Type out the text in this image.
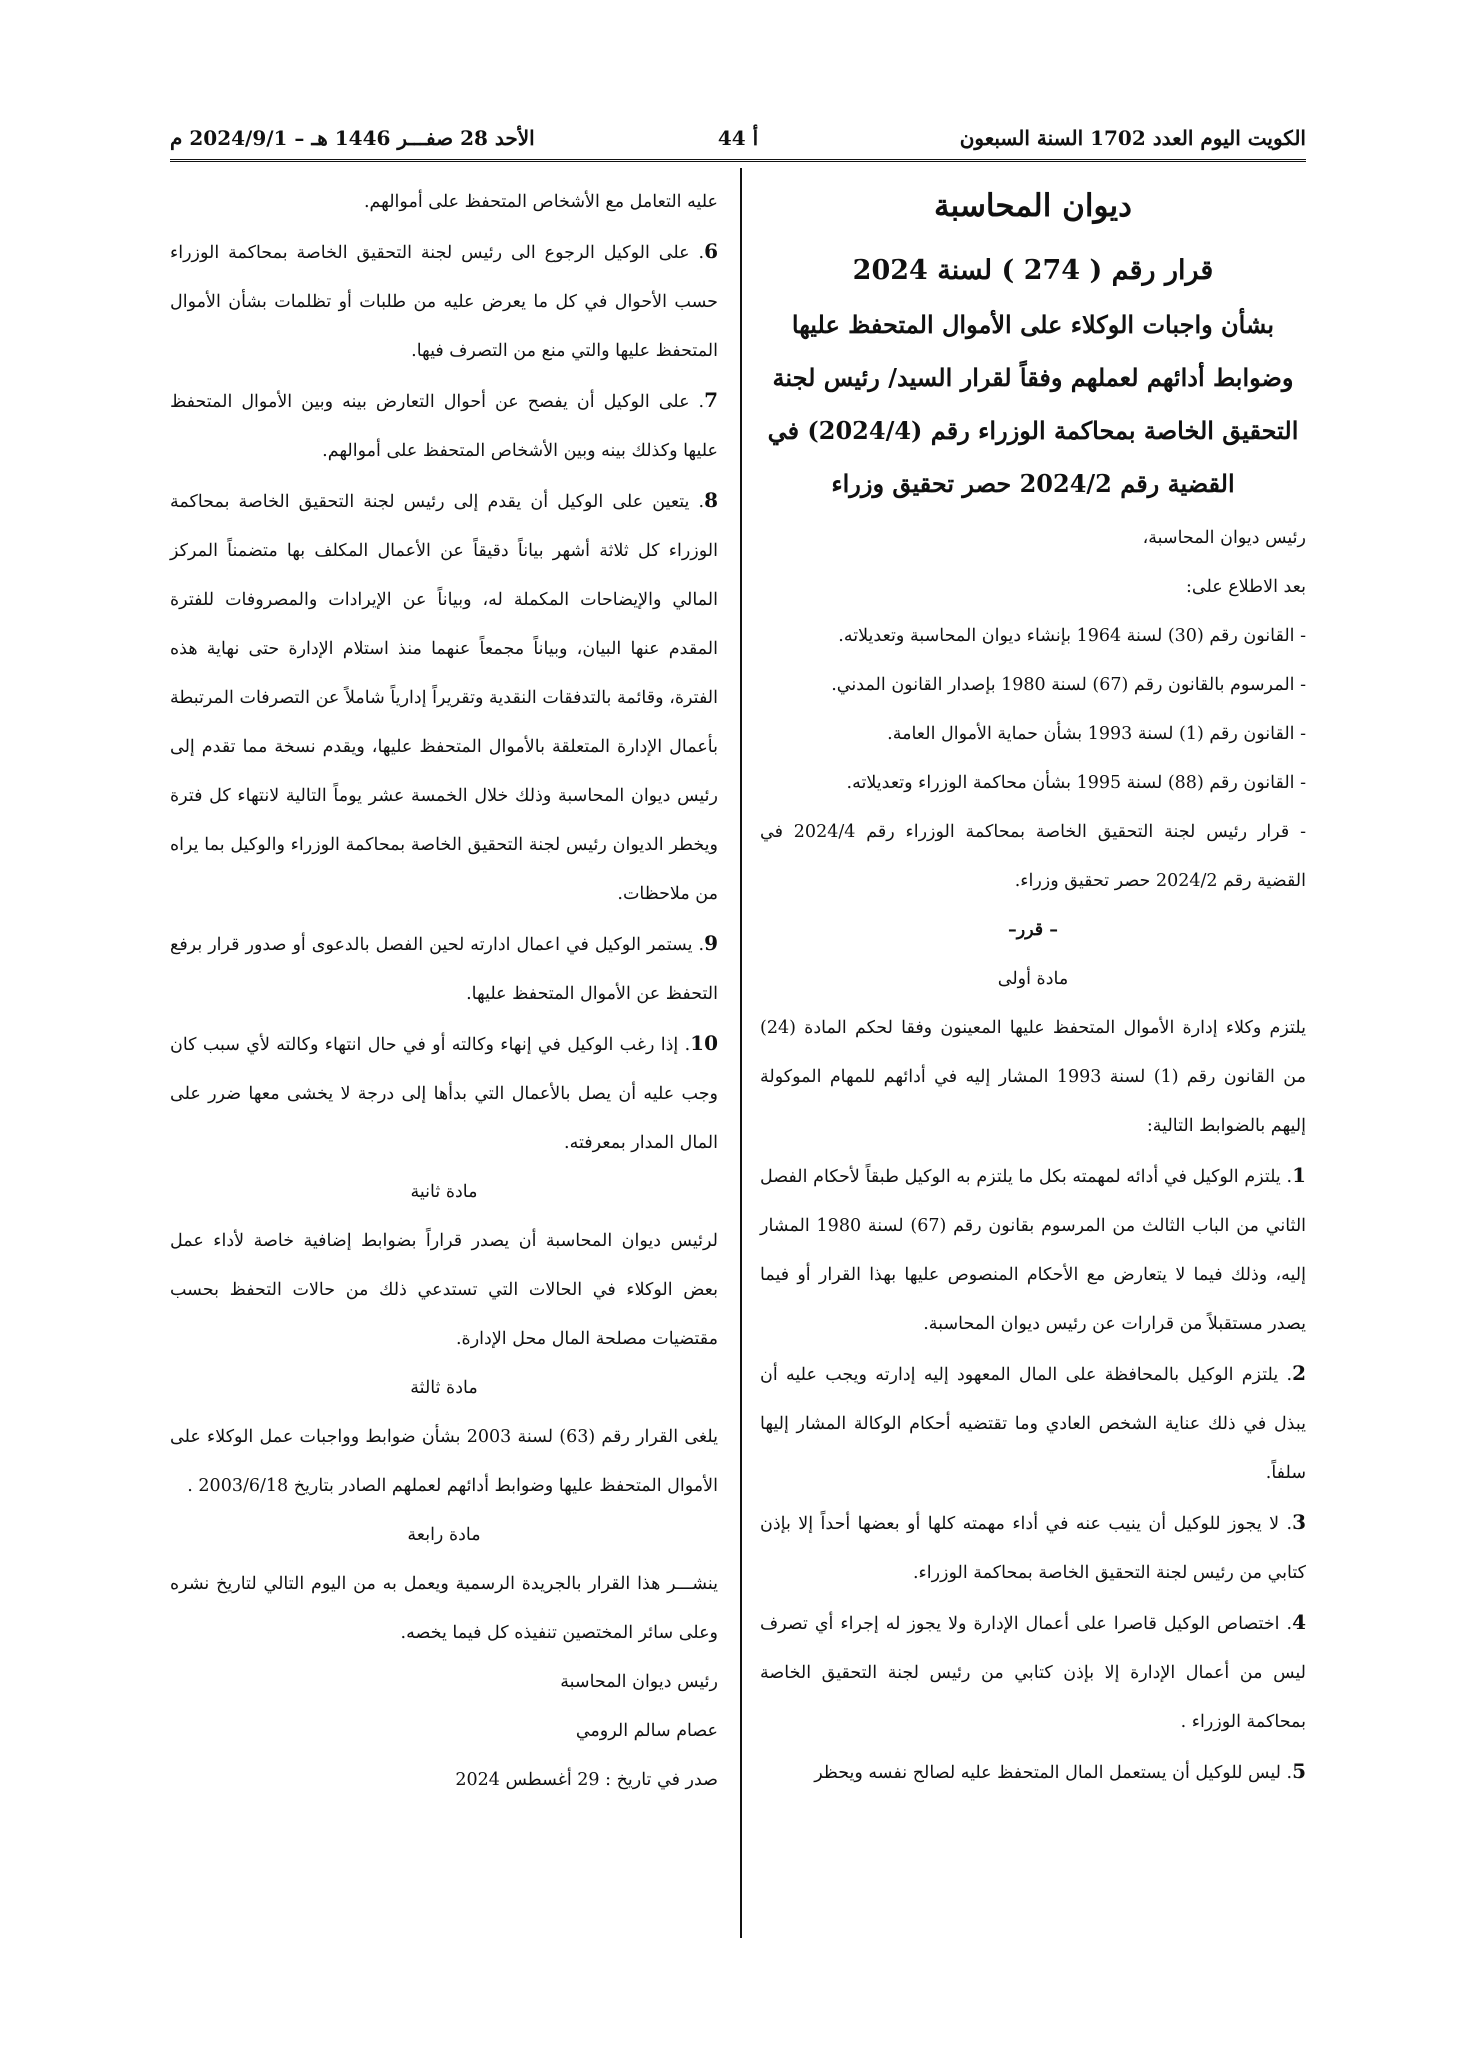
الكويت اليوم العدد 1702 السنة السبعون
أ 44
الأحد 28 صفـــر 1446 هـ – 2024/9/1 م
ديوان المحاسبة
قرار رقم ( 274 ) لسنة 2024
بشأن واجبات الوكلاء على الأموال المتحفظ عليها
وضوابط أدائهم لعملهم وفقاً لقرار السيد/ رئيس لجنة
التحقيق الخاصة بمحاكمة الوزراء رقم (2024/4) في
القضية رقم 2024/2 حصر تحقيق وزراء

رئيس ديوان المحاسبة،

بعد الاطلاع على:

- القانون رقم (30) لسنة 1964 بإنشاء ديوان المحاسبة وتعديلاته.

- المرسوم بالقانون رقم (67) لسنة 1980 بإصدار القانون المدني.

- القانون رقم (1) لسنة 1993 بشأن حماية الأموال العامة.

- القانون رقم (88) لسنة 1995 بشأن محاكمة الوزراء وتعديلاته.

- قرار رئيس لجنة التحقيق الخاصة بمحاكمة الوزراء رقم 2024/4 في القضية رقم 2024/2 حصر تحقيق وزراء.

– قرر–

مادة أولى

يلتزم وكلاء إدارة الأموال المتحفظ عليها المعينون وفقا لحكم المادة (24) من القانون رقم (1) لسنة 1993 المشار إليه في أدائهم للمهام الموكولة إليهم بالضوابط التالية:

1. يلتزم الوكيل في أدائه لمهمته بكل ما يلتزم به الوكيل طبقاً لأحكام الفصل الثاني من الباب الثالث من المرسوم بقانون رقم (67) لسنة 1980 المشار إليه، وذلك فيما لا يتعارض مع الأحكام المنصوص عليها بهذا القرار أو فيما يصدر مستقبلاً من قرارات عن رئيس ديوان المحاسبة.

2. يلتزم الوكيل بالمحافظة على المال المعهود إليه إدارته ويجب عليه أن يبذل في ذلك عناية الشخص العادي وما تقتضيه أحكام الوكالة المشار إليها سلفاً.

3. لا يجوز للوكيل أن ينيب عنه في أداء مهمته كلها أو بعضها أحداً إلا بإذن كتابي من رئيس لجنة التحقيق الخاصة بمحاكمة الوزراء.

4. اختصاص الوكيل قاصرا على أعمال الإدارة ولا يجوز له إجراء أي تصرف ليس من أعمال الإدارة إلا بإذن كتابي من رئيس لجنة التحقيق الخاصة بمحاكمة الوزراء .

5. ليس للوكيل أن يستعمل المال المتحفظ عليه لصالح نفسه ويحظر

عليه التعامل مع الأشخاص المتحفظ على أموالهم.

6. على الوكيل الرجوع الى رئيس لجنة التحقيق الخاصة بمحاكمة الوزراء حسب الأحوال في كل ما يعرض عليه من طلبات أو تظلمات بشأن الأموال المتحفظ عليها والتي منع من التصرف فيها.

7. على الوكيل أن يفصح عن أحوال التعارض بينه وبين الأموال المتحفظ عليها وكذلك بينه وبين الأشخاص المتحفظ على أموالهم.

8. يتعين على الوكيل أن يقدم إلى رئيس لجنة التحقيق الخاصة بمحاكمة الوزراء كل ثلاثة أشهر بياناً دقيقاً عن الأعمال المكلف بها متضمناً المركز المالي والإيضاحات المكملة له، وبياناً عن الإيرادات والمصروفات للفترة المقدم عنها البيان، وبياناً مجمعاً عنهما منذ استلام الإدارة حتى نهاية هذه الفترة، وقائمة بالتدفقات النقدية وتقريراً إدارياً شاملاً عن التصرفات المرتبطة بأعمال الإدارة المتعلقة بالأموال المتحفظ عليها، ويقدم نسخة مما تقدم إلى رئيس ديوان المحاسبة وذلك خلال الخمسة عشر يوماً التالية لانتهاء كل فترة ويخطر الديوان رئيس لجنة التحقيق الخاصة بمحاكمة الوزراء والوكيل بما يراه من ملاحظات.

9. يستمر الوكيل في اعمال ادارته لحين الفصل بالدعوى أو صدور قرار برفع التحفظ عن الأموال المتحفظ عليها.

10. إذا رغب الوكيل في إنهاء وكالته أو في حال انتهاء وكالته لأي سبب كان وجب عليه أن يصل بالأعمال التي بدأها إلى درجة لا يخشى معها ضرر على المال المدار بمعرفته.

مادة ثانية

لرئيس ديوان المحاسبة أن يصدر قراراً بضوابط إضافية خاصة لأداء عمل بعض الوكلاء في الحالات التي تستدعي ذلك من حالات التحفظ بحسب مقتضيات مصلحة المال محل الإدارة.

مادة ثالثة

يلغى القرار رقم (63) لسنة 2003 بشأن ضوابط وواجبات عمل الوكلاء على الأموال المتحفظ عليها وضوابط أدائهم لعملهم الصادر بتاريخ 2003/6/18 .

مادة رابعة

ينشـــر هذا القرار بالجريدة الرسمية ويعمل به من اليوم التالي لتاريخ نشره وعلى سائر المختصين تنفيذه كل فيما يخصه.

رئيس ديوان المحاسبة

عصام سالم الرومي

صدر في تاريخ : 29 أغسطس 2024
